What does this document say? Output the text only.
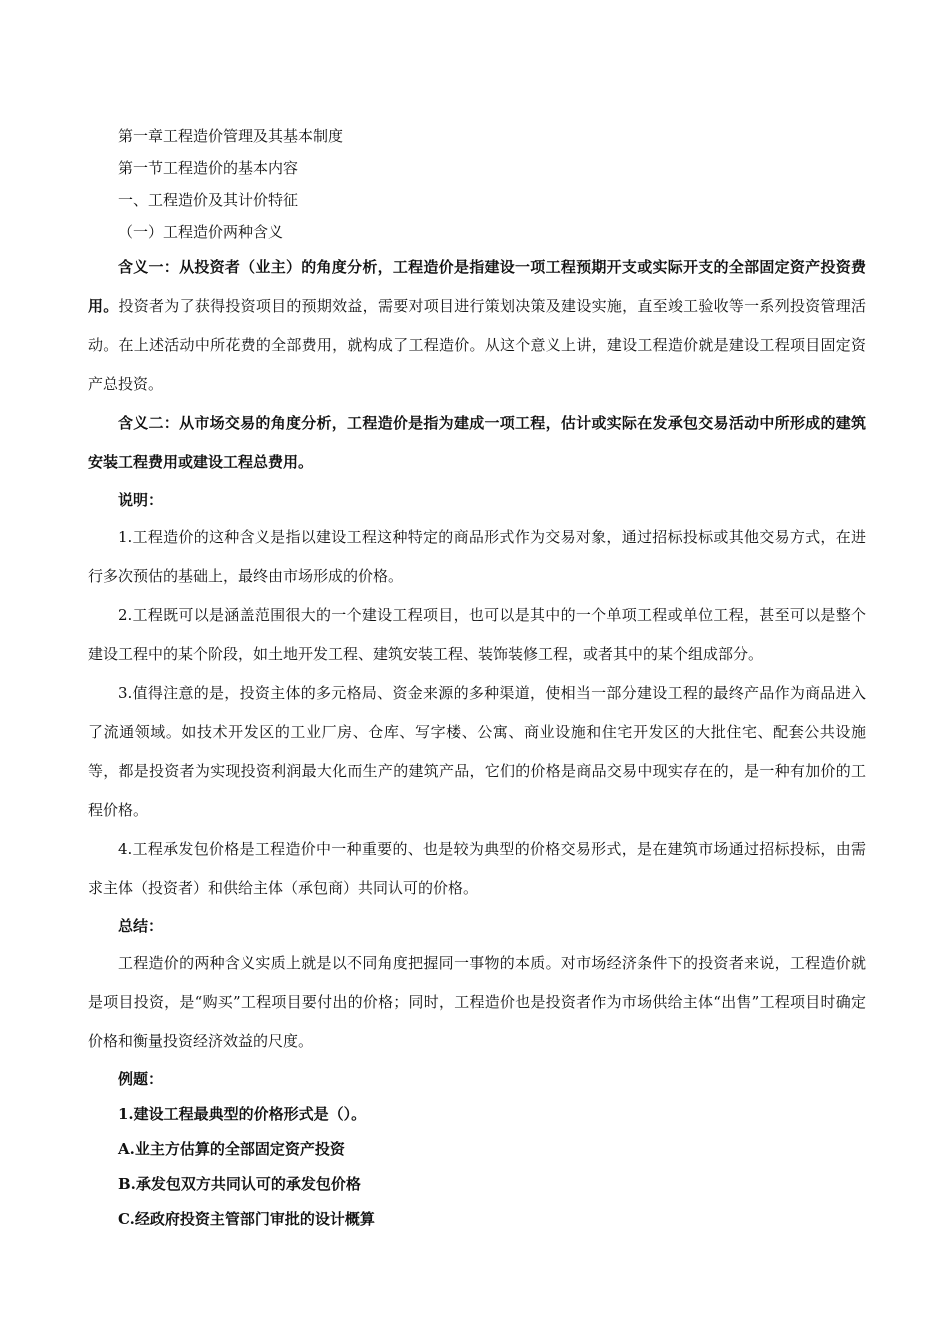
第一章工程造价管理及其基本制度
第一节工程造价的基本内容
一、工程造价及其计价特征
（一）工程造价两种含义

含义一：从投资者（业主）的角度分析，工程造价是指建设一项工程预期开支或实际开支的全部固定资产投资费用。投资者为了获得投资项目的预期效益，需要对项目进行策划决策及建设实施，直至竣工验收等一系列投资管理活动。在上述活动中所花费的全部费用，就构成了工程造价。从这个意义上讲，建设工程造价就是建设工程项目固定资产总投资。

含义二：从市场交易的角度分析，工程造价是指为建成一项工程，估计或实际在发承包交易活动中所形成的建筑安装工程费用或建设工程总费用。

说明：

1.工程造价的这种含义是指以建设工程这种特定的商品形式作为交易对象，通过招标投标或其他交易方式，在进行多次预估的基础上，最终由市场形成的价格。

2.工程既可以是涵盖范围很大的一个建设工程项目，也可以是其中的一个单项工程或单位工程，甚至可以是整个建设工程中的某个阶段，如土地开发工程、建筑安装工程、装饰装修工程，或者其中的某个组成部分。

3.值得注意的是，投资主体的多元格局、资金来源的多种渠道，使相当一部分建设工程的最终产品作为商品进入了流通领域。如技术开发区的工业厂房、仓库、写字楼、公寓、商业设施和住宅开发区的大批住宅、配套公共设施等，都是投资者为实现投资利润最大化而生产的建筑产品，它们的价格是商品交易中现实存在的，是一种有加价的工程价格。

4.工程承发包价格是工程造价中一种重要的、也是较为典型的价格交易形式，是在建筑市场通过招标投标，由需求主体（投资者）和供给主体（承包商）共同认可的价格。

总结：

工程造价的两种含义实质上就是以不同角度把握同一事物的本质。对市场经济条件下的投资者来说，工程造价就是项目投资，是“购买”工程项目要付出的价格；同时，工程造价也是投资者作为市场供给主体“出售”工程项目时确定价格和衡量投资经济效益的尺度。

例题：
1.建设工程最典型的价格形式是（）。
A.业主方估算的全部固定资产投资
B.承发包双方共同认可的承发包价格
C.经政府投资主管部门审批的设计概算
